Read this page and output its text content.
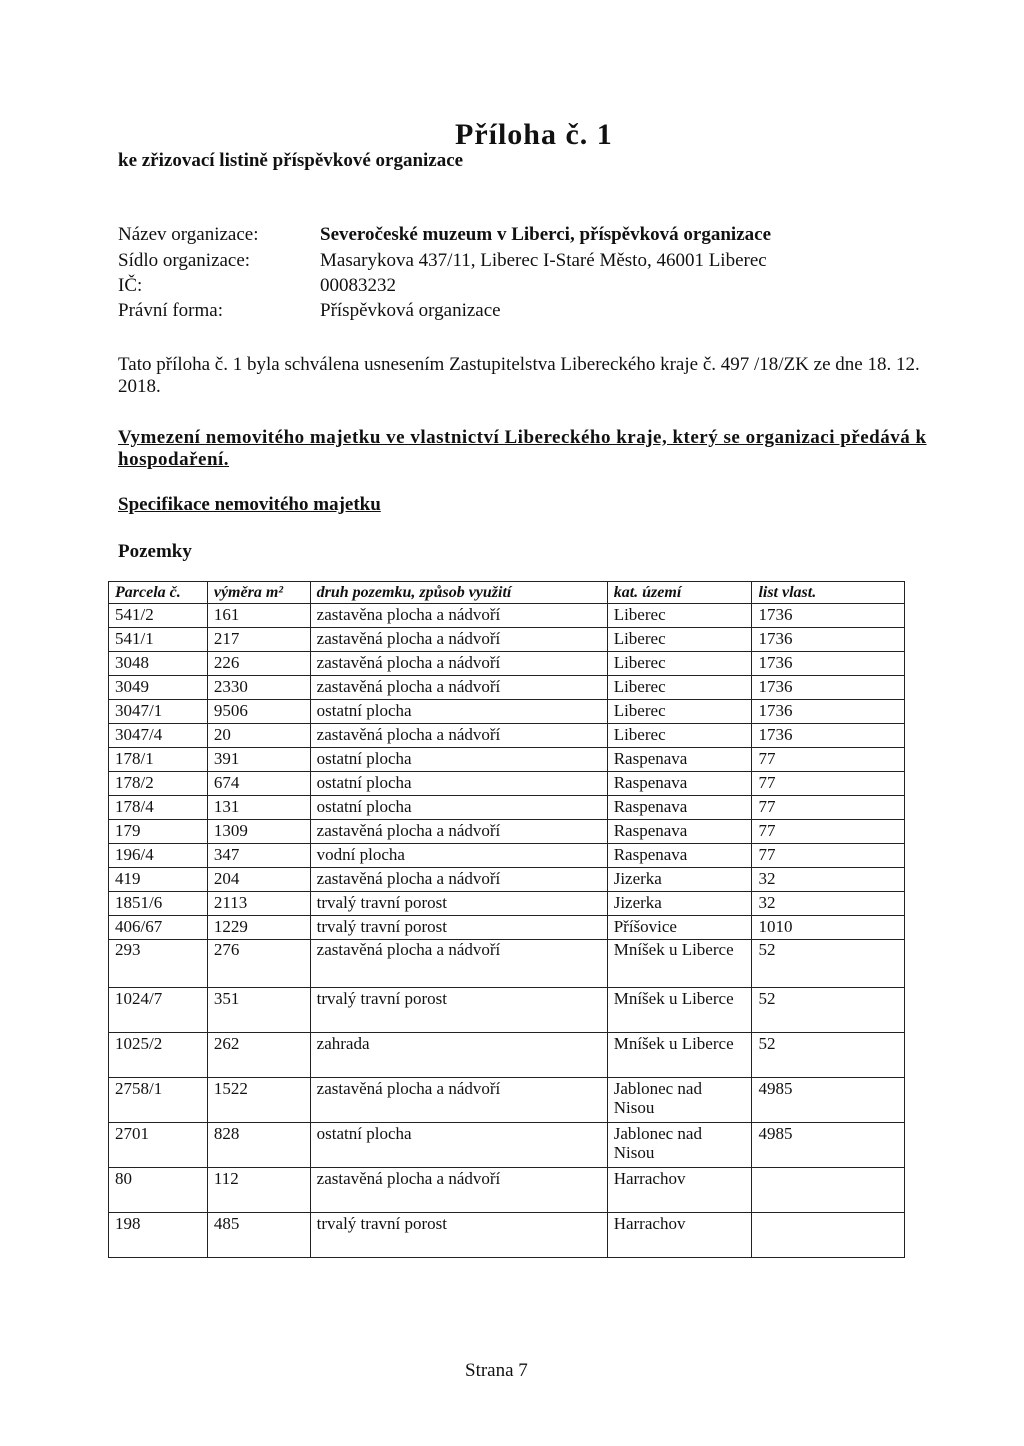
Příloha č. 1
ke zřizovací listině příspěvkové organizace
Název organizace:	Severočeské muzeum v Liberci, příspěvková organizace
Sídlo organizace:	Masarykova 437/11, Liberec I-Staré Město, 46001 Liberec
IČ:	00083232
Právní forma:	Příspěvková organizace
Tato příloha č. 1 byla schválena usnesením Zastupitelstva Libereckého kraje č. 497 /18/ZK ze dne 18. 12. 2018.
Vymezení nemovitého majetku ve vlastnictví Libereckého kraje, který se organizaci předává k hospodaření.
Specifikace nemovitého majetku
Pozemky
Parcela č.	výměra m²	druh pozemku, způsob využití	kat. území	list vlast.
541/2	161	zastavěna plocha a nádvoří	Liberec	1736
541/1	217	zastavěná plocha a nádvoří	Liberec	1736
3048	226	zastavěná plocha a nádvoří	Liberec	1736
3049	2330	zastavěná plocha a nádvoří	Liberec	1736
3047/1	9506	ostatní plocha	Liberec	1736
3047/4	20	zastavěná plocha a nádvoří	Liberec	1736
178/1	391	ostatní plocha	Raspenava	77
178/2	674	ostatní plocha	Raspenava	77
178/4	131	ostatní plocha	Raspenava	77
179	1309	zastavěná plocha a nádvoří	Raspenava	77
196/4	347	vodní plocha	Raspenava	77
419	204	zastavěná plocha a nádvoří	Jizerka	32
1851/6	2113	trvalý travní porost	Jizerka	32
406/67	1229	trvalý travní porost	Příšovice	1010
293	276	zastavěná plocha a nádvoří	Mníšek u Liberce	52
1024/7	351	trvalý travní porost	Mníšek u Liberce	52
1025/2	262	zahrada	Mníšek u Liberce	52
2758/1	1522	zastavěná plocha a nádvoří	Jablonec nad Nisou	4985
2701	828	ostatní plocha	Jablonec nad Nisou	4985
80	112	zastavěná plocha a nádvoří	Harrachov	
198	485	trvalý travní porost	Harrachov	
Strana 7
